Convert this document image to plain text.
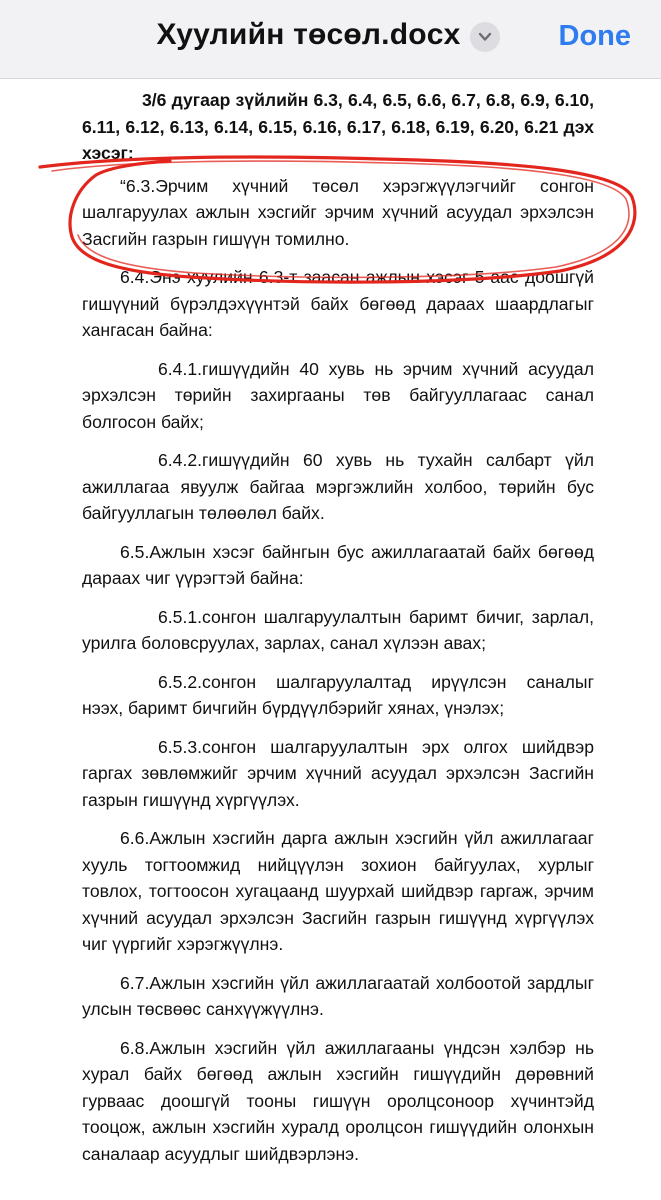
Хуулийн төсөл.docx	Done

3/6 дугаар зүйлийн 6.3, 6.4, 6.5, 6.6, 6.7, 6.8, 6.9, 6.10, 6.11, 6.12, 6.13, 6.14, 6.15, 6.16, 6.17, 6.18, 6.19, 6.20, 6.21 дэх хэсэг:

“6.3.Эрчим хүчний төсөл хэрэгжүүлэгчийг сонгон шалгаруулах ажлын хэсгийг эрчим хүчний асуудал эрхэлсэн Засгийн газрын гишүүн томилно.

6.4.Энэ хуулийн 6.3-т заасан ажлын хэсэг 5-аас доошгүй гишүүний бүрэлдэхүүнтэй байх бөгөөд дараах шаардлагыг хангасан байна:

6.4.1.гишүүдийн 40 хувь нь эрчим хүчний асуудал эрхэлсэн төрийн захиргааны төв байгууллагаас санал болгосон байх;

6.4.2.гишүүдийн 60 хувь нь тухайн салбарт үйл ажиллагаа явуулж байгаа мэргэжлийн холбоо, төрийн бус байгууллагын төлөөлөл байх.

6.5.Ажлын хэсэг байнгын бус ажиллагаатай байх бөгөөд дараах чиг үүрэгтэй байна:

6.5.1.сонгон шалгаруулалтын баримт бичиг, зарлал, урилга боловсруулах, зарлах, санал хүлээн авах;

6.5.2.сонгон шалгаруулалтад ирүүлсэн саналыг нээх, баримт бичгийн бүрдүүлбэрийг хянах, үнэлэх;

6.5.3.сонгон шалгаруулалтын эрх олгох шийдвэр гаргах зөвлөмжийг эрчим хүчний асуудал эрхэлсэн Засгийн газрын гишүүнд хүргүүлэх.

6.6.Ажлын хэсгийн дарга ажлын хэсгийн үйл ажиллагааг хууль тогтоомжид нийцүүлэн зохион байгуулах, хурлыг товлох, тогтоосон хугацаанд шуурхай шийдвэр гаргаж, эрчим хүчний асуудал эрхэлсэн Засгийн газрын гишүүнд хүргүүлэх чиг үүргийг хэрэгжүүлнэ.

6.7.Ажлын хэсгийн үйл ажиллагаатай холбоотой зардлыг улсын төсвөөс санхүүжүүлнэ.

6.8.Ажлын хэсгийн үйл ажиллагааны үндсэн хэлбэр нь хурал байх бөгөөд ажлын хэсгийн гишүүдийн дөрөвний гурваас доошгүй тооны гишүүн оролцсоноор хүчинтэйд тооцож, ажлын хэсгийн хуралд оролцсон гишүүдийн олонхын саналаар асуудлыг шийдвэрлэнэ.
